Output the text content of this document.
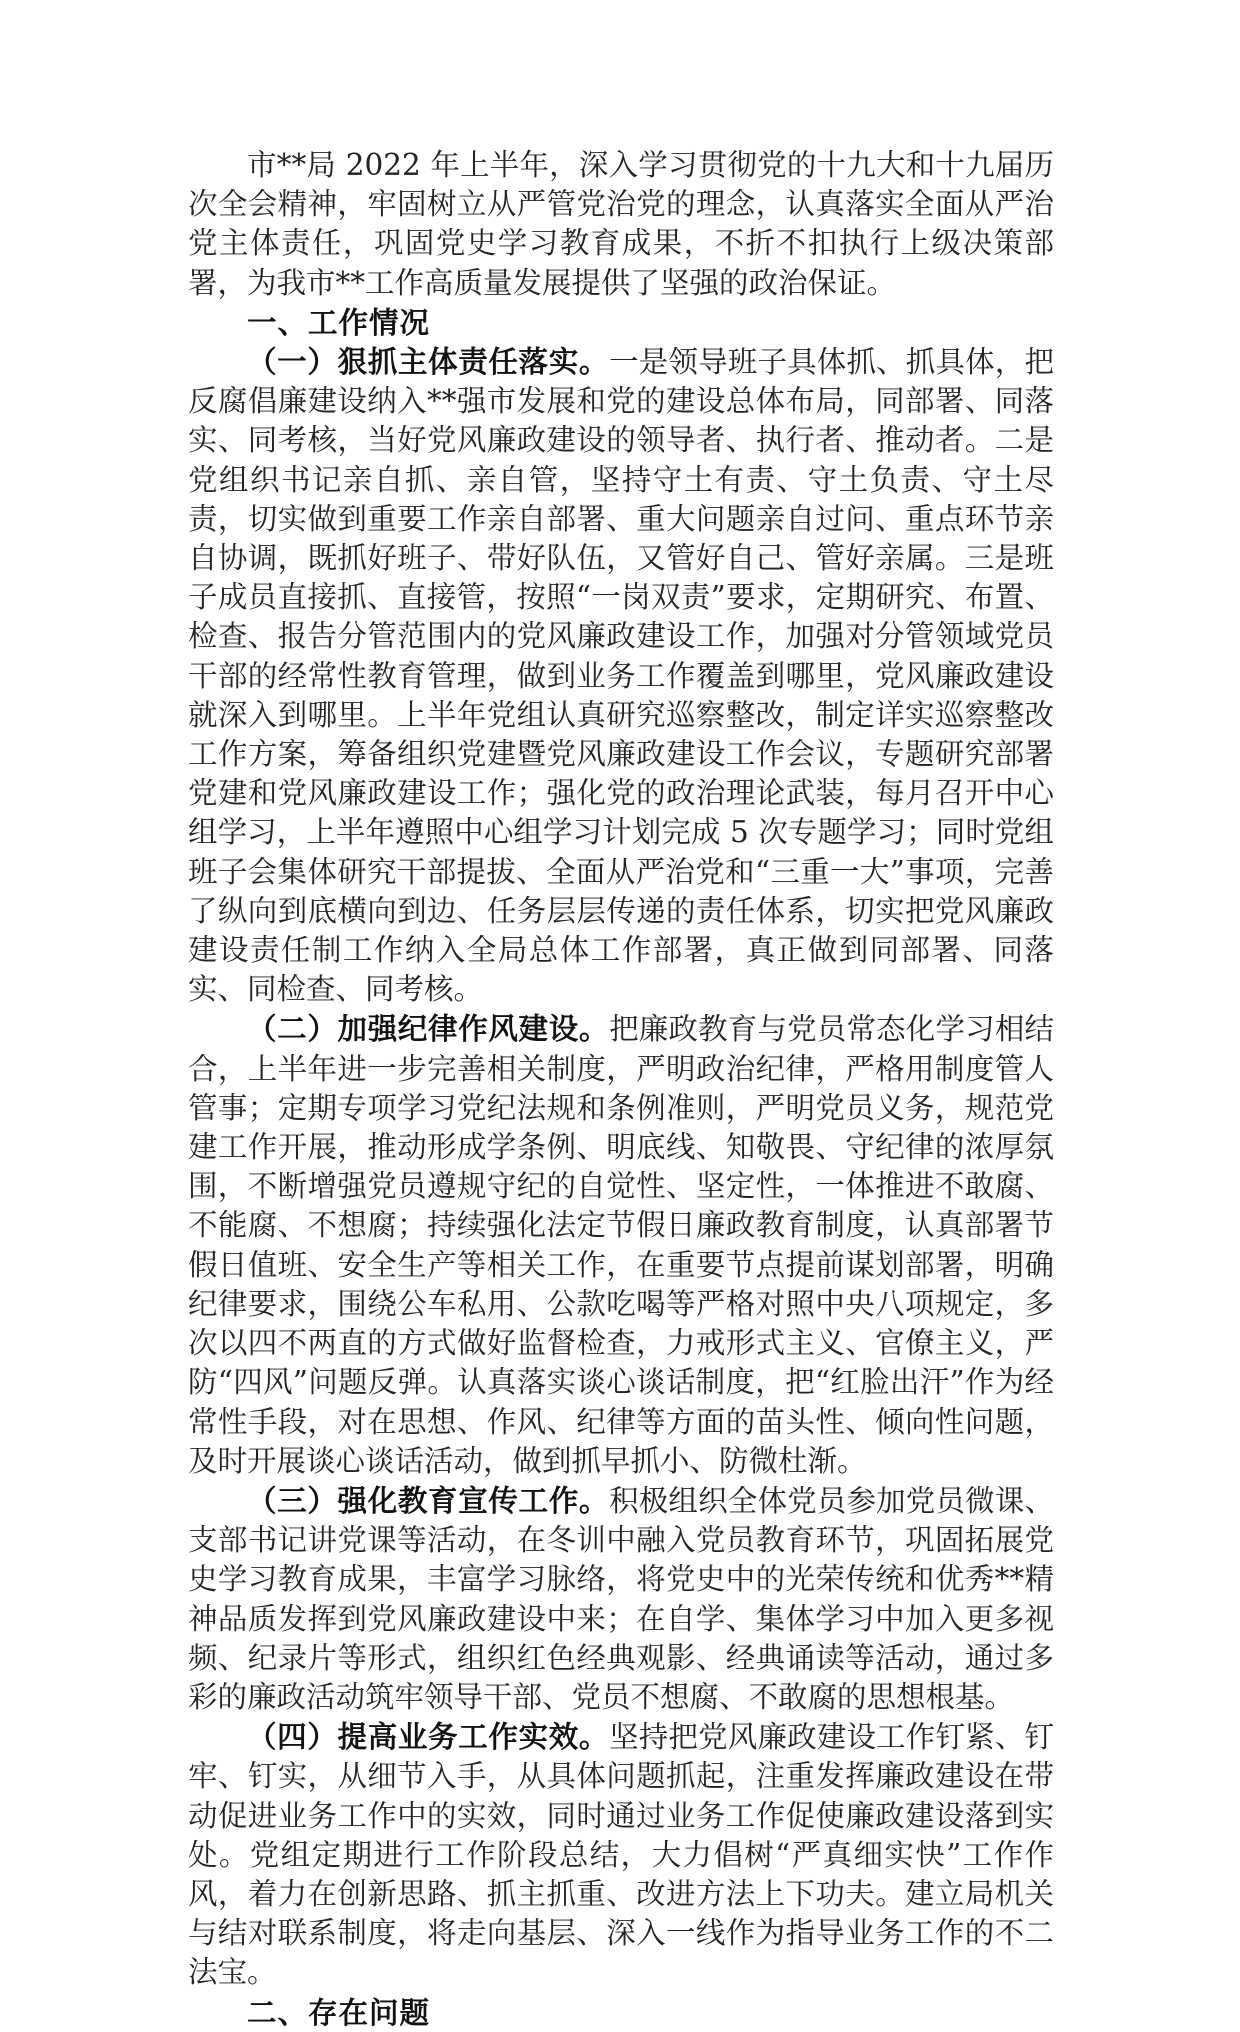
市**局 2022 年上半年，深入学习贯彻党的十九大和十九届历次全会精神，牢固树立从严管党治党的理念，认真落实全面从严治党主体责任，巩固党史学习教育成果，不折不扣执行上级决策部署，为我市**工作高质量发展提供了坚强的政治保证。

一、工作情况

（一）狠抓主体责任落实。一是领导班子具体抓、抓具体，把反腐倡廉建设纳入**强市发展和党的建设总体布局，同部署、同落实、同考核，当好党风廉政建设的领导者、执行者、推动者。二是党组织书记亲自抓、亲自管，坚持守土有责、守土负责、守土尽责，切实做到重要工作亲自部署、重大问题亲自过问、重点环节亲自协调，既抓好班子、带好队伍，又管好自己、管好亲属。三是班子成员直接抓、直接管，按照“一岗双责”要求，定期研究、布置、检查、报告分管范围内的党风廉政建设工作，加强对分管领域党员干部的经常性教育管理，做到业务工作覆盖到哪里，党风廉政建设就深入到哪里。上半年党组认真研究巡察整改，制定详实巡察整改工作方案，筹备组织党建暨党风廉政建设工作会议，专题研究部署党建和党风廉政建设工作；强化党的政治理论武装，每月召开中心组学习，上半年遵照中心组学习计划完成 5 次专题学习；同时党组班子会集体研究干部提拔、全面从严治党和“三重一大”事项，完善了纵向到底横向到边、任务层层传递的责任体系，切实把党风廉政建设责任制工作纳入全局总体工作部署，真正做到同部署、同落实、同检查、同考核。

（二）加强纪律作风建设。把廉政教育与党员常态化学习相结合，上半年进一步完善相关制度，严明政治纪律，严格用制度管人管事；定期专项学习党纪法规和条例准则，严明党员义务，规范党建工作开展，推动形成学条例、明底线、知敬畏、守纪律的浓厚氛围，不断增强党员遵规守纪的自觉性、坚定性，一体推进不敢腐、不能腐、不想腐；持续强化法定节假日廉政教育制度，认真部署节假日值班、安全生产等相关工作，在重要节点提前谋划部署，明确纪律要求，围绕公车私用、公款吃喝等严格对照中央八项规定，多次以四不两直的方式做好监督检查，力戒形式主义、官僚主义，严防“四风”问题反弹。认真落实谈心谈话制度，把“红脸出汗”作为经常性手段，对在思想、作风、纪律等方面的苗头性、倾向性问题，及时开展谈心谈话活动，做到抓早抓小、防微杜渐。

（三）强化教育宣传工作。积极组织全体党员参加党员微课、支部书记讲党课等活动，在冬训中融入党员教育环节，巩固拓展党史学习教育成果，丰富学习脉络，将党史中的光荣传统和优秀**精神品质发挥到党风廉政建设中来；在自学、集体学习中加入更多视频、纪录片等形式，组织红色经典观影、经典诵读等活动，通过多彩的廉政活动筑牢领导干部、党员不想腐、不敢腐的思想根基。

（四）提高业务工作实效。坚持把党风廉政建设工作钉紧、钉牢、钉实，从细节入手，从具体问题抓起，注重发挥廉政建设在带动促进业务工作中的实效，同时通过业务工作促使廉政建设落到实处。党组定期进行工作阶段总结，大力倡树“严真细实快”工作作风，着力在创新思路、抓主抓重、改进方法上下功夫。建立局机关与结对联系制度，将走向基层、深入一线作为指导业务工作的不二法宝。

二、存在问题
